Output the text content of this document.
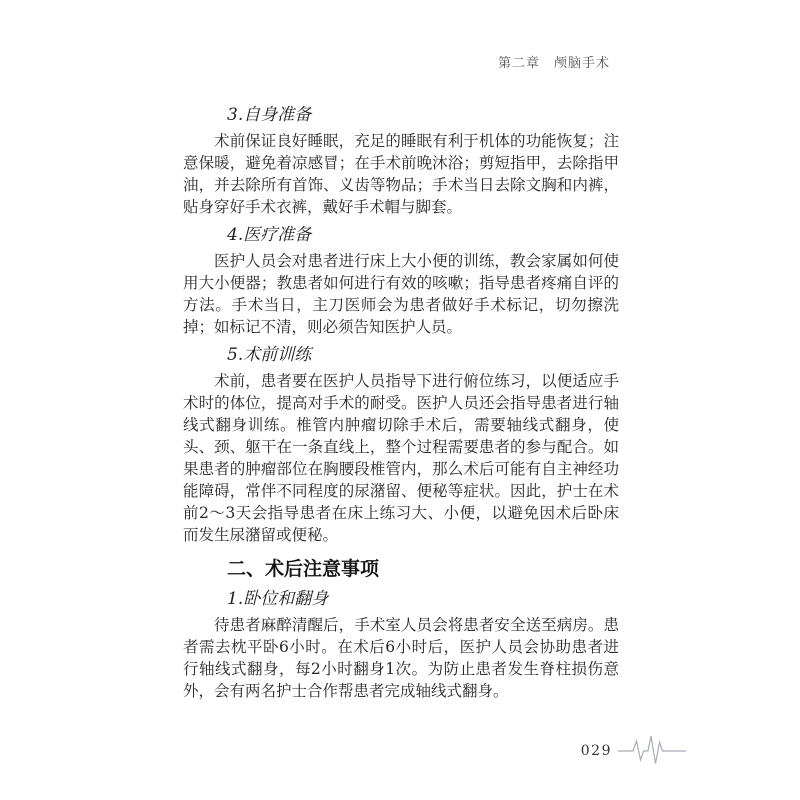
第二章　颅脑手术
3.自身准备

术前保证良好睡眠，充足的睡眠有利于机体的功能恢复；注意保暖，避免着凉感冒；在手术前晚沐浴；剪短指甲，去除指甲油，并去除所有首饰、义齿等物品；手术当日去除文胸和内裤，贴身穿好手术衣裤，戴好手术帽与脚套。

4.医疗准备

医护人员会对患者进行床上大小便的训练，教会家属如何使用大小便器；教患者如何进行有效的咳嗽；指导患者疼痛自评的方法。手术当日，主刀医师会为患者做好手术标记，切勿擦洗掉；如标记不清，则必须告知医护人员。

5.术前训练

术前，患者要在医护人员指导下进行俯位练习，以便适应手术时的体位，提高对手术的耐受。医护人员还会指导患者进行轴线式翻身训练。椎管内肿瘤切除手术后，需要轴线式翻身，使头、颈、躯干在一条直线上，整个过程需要患者的参与配合。如果患者的肿瘤部位在胸腰段椎管内，那么术后可能有自主神经功能障碍，常伴不同程度的尿潴留、便秘等症状。因此，护士在术前2～3天会指导患者在床上练习大、小便，以避免因术后卧床而发生尿潴留或便秘。

二、术后注意事项
1.卧位和翻身

待患者麻醉清醒后，手术室人员会将患者安全送至病房。患者需去枕平卧6小时。在术后6小时后，医护人员会协助患者进行轴线式翻身，每2小时翻身1次。为防止患者发生脊柱损伤意外，会有两名护士合作帮患者完成轴线式翻身。

029
